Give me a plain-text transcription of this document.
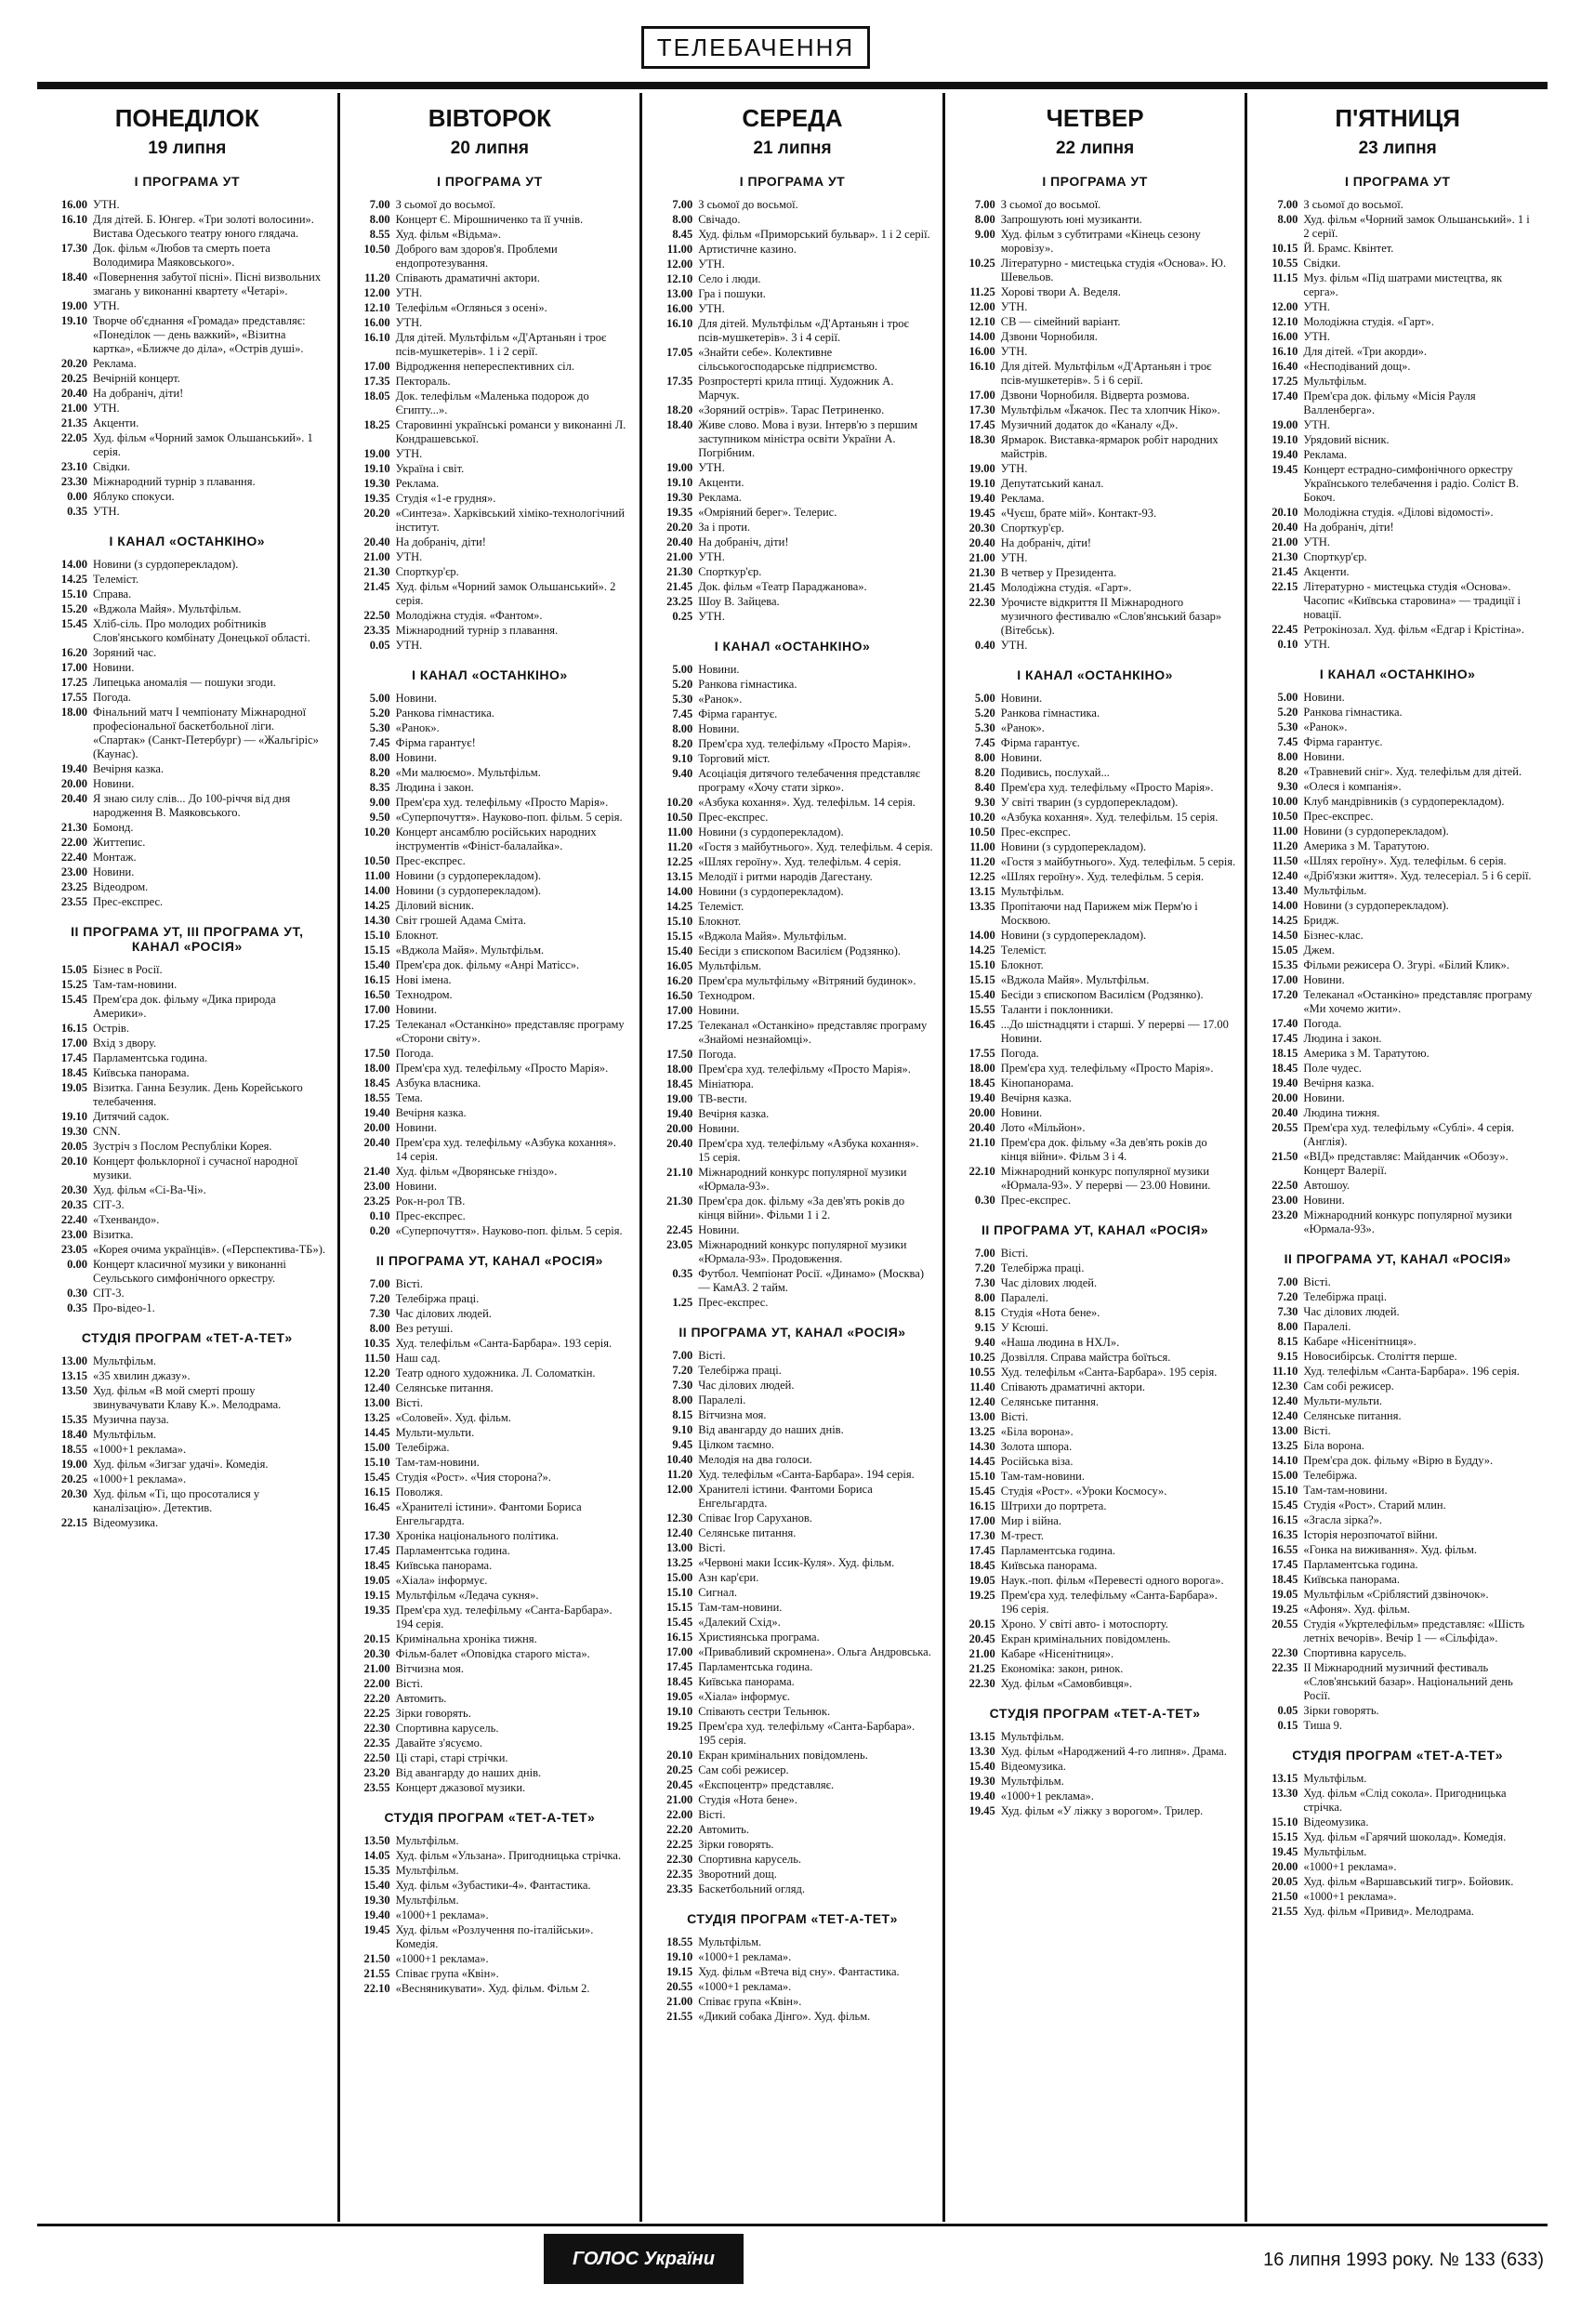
ТЕЛЕБАЧЕННЯ
ПОНЕДІЛОК
19 липня
І ПРОГРАМА УТ
16.00 УТН.
16.10 Для дітей. Б. Юнгер. «Три золоті волосини». Вистава Одеського театру юного глядача.
17.30 Док. фільм «Любов та смерть поета Володимира Маяковського».
18.40 «Повернення забутої пісні». Пісні визвольних змагань у виконанні квартету «Четарі».
19.00 УТН.
19.10 Творче об'єднання «Громада» представляє: «Понеділок — день важкий», «Візитна картка», «Ближче до діла», «Острів душі».
20.20 Реклама.
20.25 Вечірній концерт.
20.40 На добраніч, діти!
21.00 УТН.
21.35 Акценти.
22.05 Худ. фільм «Чорний замок Ольшанський». 1 серія.
23.10 Свідки.
23.30 Міжнародний турнір з плавання.
0.00 Яблуко спокуси.
0.35 УТН.
І КАНАЛ «ОСТАНКІНО»
14.00 Новини (з сурдоперекладом).
14.25 Телеміст.
15.10 Справа.
15.20 «Вджола Майя». Мультфільм.
15.45 Хліб-сіль. Про молодих робітників Слов'янського комбінату Донецької області.
16.20 Зоряний час.
17.00 Новини.
17.25 Липецька аномалія — пошуки згоди.
17.55 Погода.
18.00 Фінальний матч І чемпіонату Міжнародної професіональної баскетбольної ліги. «Спартак» (Санкт-Петербург) — «Жальгіріс» (Каунас).
19.40 Вечірня казка.
20.00 Новини.
20.40 Я знаю силу слів... До 100-річчя від дня народження В. Маяковського.
21.30 Бомонд.
22.00 Життепис.
22.40 Монтаж.
23.00 Новини.
23.25 Відеодром.
23.55 Прес-експрес.
ІІ ПРОГРАМА УТ, ІІІ ПРОГРАМА УТ, КАНАЛ «РОСІЯ»
15.05 Бізнес в Росії.
15.25 Там-там-новини.
15.45 Прем'єра док. фільму «Дика природа Америки».
16.15 Острів.
17.00 Вхід з двору.
17.45 Парламентська година.
18.45 Київська панорама.
19.05 Візитка. Ганна Безулик. День Корейського телебачення.
19.10 Дитячий садок.
19.30 CNN.
20.05 Зустріч з Послом Республіки Корея.
20.10 Концерт фольклорної і сучасної народної музики.
20.30 Худ. фільм «Сі-Ва-Чі».
20.35 СІТ-3.
22.40 «Тхенвандо».
23.00 Візитка.
23.05 «Корея очима українців». («Перспектива-ТБ»).
0.00 Концерт класичної музики у виконанні Сеульського симфонічного оркестру.
0.30 СІТ-3.
0.35 Про-відео-1.
СТУДІЯ ПРОГРАМ «ТЕТ-А-ТЕТ»
13.00 Мультфільм.
13.15 «35 хвилин джазу».
13.50 Худ. фільм «В мой смерті прошу звинувачувати Клаву К.». Мелодрама.
15.35 Музична пауза.
18.40 Мультфільм.
18.55 «1000+1 реклама».
19.00 Худ. фільм «Зигзаг удачі». Комедія.
20.25 «1000+1 реклама».
20.30 Худ. фільм «Ті, що просоталися у каналізацію». Детектив.
22.15 Відеомузика.
ВІВТОРОК
20 липня
І ПРОГРАМА УТ
7.00 З сьомої до восьмої.
8.00 Концерт Є. Мірошниченко та її учнів.
8.55 Худ. фільм «Відьма».
10.50 Доброго вам здоров'я. Проблеми ендопротезування.
11.20 Співають драматичні актори.
12.00 УТН.
12.10 Телефільм «Оглянься з осені».
16.00 УТН.
16.10 Для дітей. Мультфільм «Д'Артаньян і троє псів-мушкетерів». 1 і 2 серії.
17.00 Відродження непереспективних сіл.
17.35 Пектораль.
18.05 Док. телефільм «Маленька подорож до Єгипту...».
18.25 Старовинні українські романси у виконанні Л. Кондрашевської.
19.00 УТН.
19.10 Україна і світ.
19.30 Реклама.
19.35 Студія «1-е грудня».
20.20 «Синтеза». Харківський хіміко-технологічний інститут.
20.40 На добраніч, діти!
21.00 УТН.
21.30 Спорткур'єр.
21.45 Худ. фільм «Чорний замок Ольшанський». 2 серія.
22.50 Молодіжна студія. «Фантом».
23.35 Міжнародний турнір з плавання.
0.05 УТН.
І КАНАЛ «ОСТАНКІНО»
5.00 Новини.
5.20 Ранкова гімнастика.
5.30 «Ранок».
7.45 Фірма гарантує!
8.00 Новини.
8.20 «Ми малюємо». Мультфільм.
8.35 Людина і закон.
9.00 Прем'єра худ. телефільму «Просто Марія».
9.50 «Суперпочуття». Науково-поп. фільм. 5 серія.
10.20 Концерт ансамблю російських народних інструментів «Фініст-балалайка».
10.50 Прес-експрес.
11.00 Новини (з сурдоперекладом).
14.00 Новини (з сурдоперекладом).
14.25 Діловий вісник.
14.30 Світ грошей Адама Сміта.
15.10 Блокнот.
15.15 «Вджола Майя». Мультфільм.
15.40 Прем'єра док. фільму «Анрі Матісс».
16.15 Нові імена.
16.50 Технодром.
17.00 Новини.
17.25 Телеканал «Останкіно» представляє програму «Сторони світу».
17.50 Погода.
18.00 Прем'єра худ. телефільму «Просто Марія».
18.45 Азбука власника.
18.55 Тема.
19.40 Вечірня казка.
20.00 Новини.
20.40 Прем'єра худ. телефільму «Азбука кохання». 14 серія.
21.40 Худ. фільм «Дворянське гніздо».
23.00 Новини.
23.25 Рок-н-рол ТВ.
0.10 Прес-експрес.
0.20 «Суперпочуття». Науково-поп. фільм. 5 серія.
ІІ ПРОГРАМА УТ, КАНАЛ «РОСІЯ»
7.00 Вісті.
7.20 Телебіржа праці.
7.30 Час ділових людей.
8.00 Вез ретуші.
10.35 Худ. телефільм «Санта-Барбара». 193 серія.
11.50 Наш сад.
12.20 Театр одного художника. Л. Соломаткін.
12.40 Селянське питання.
13.00 Вісті.
13.25 «Соловей». Худ. фільм.
14.45 Мульти-мульти.
15.00 Телебіржа.
15.10 Там-там-новини.
15.45 Студія «Рост». «Чия сторона?».
16.15 Поволжя.
16.45 «Хранителі істини». Фантоми Бориса Енгельгардта.
17.30 Хроніка національного політика.
17.45 Парламентська година.
18.45 Київська панорама.
19.05 «Хіала» інформує.
19.15 Мультфільм «Ледача сукня».
19.35 Прем'єра худ. телефільму «Санта-Барбара». 194 серія.
20.15 Кримінальна хроніка тижня.
20.30 Фільм-балет «Оповідка старого міста».
21.00 Вітчизна моя.
22.00 Вісті.
22.20 Автомить.
22.25 Зірки говорять.
22.30 Спортивна карусель.
22.35 Давайте з'ясуємо.
22.50 Ці старі, старі стрічки.
23.20 Від авангарду до наших днів.
23.55 Концерт джазової музики.
СТУДІЯ ПРОГРАМ «ТЕТ-А-ТЕТ»
13.50 Мультфільм.
14.05 Худ. фільм «Ульзана». Пригодницька стрічка.
15.35 Мультфільм.
15.40 Худ. фільм «Зубастики-4». Фантастика.
19.30 Мультфільм.
19.40 «1000+1 реклама».
19.45 Худ. фільм «Розлучення по-італійськи». Комедія.
21.50 «1000+1 реклама».
21.55 Співає група «Квін».
22.10 «Весняникувати». Худ. фільм. Фільм 2.
СЕРЕДА
21 липня
І ПРОГРАМА УТ
7.00 З сьомої до восьмої.
8.00 Свічадо.
8.45 Худ. фільм «Приморський бульвар». 1 і 2 серії.
11.00 Артистичне казино.
12.00 УТН.
12.10 Село і люди.
13.00 Гра і пошуки.
16.00 УТН.
16.10 Для дітей. Мультфільм «Д'Артаньян і троє псів-мушкетерів». 3 і 4 серії.
17.05 «Знайти себе». Колективне сільськогосподарське підприємство.
17.35 Розпростерті крила птиці. Художник А. Марчук.
18.20 «Зоряний острів». Тарас Петриненко.
18.40 Живе слово. Мова і вузи. Інтерв'ю з першим заступником міністра освіти України А. Погрібним.
19.00 УТН.
19.10 Акценти.
19.30 Реклама.
19.35 «Омріяний берег». Телерис.
20.20 За і проти.
20.40 На добраніч, діти!
21.00 УТН.
21.30 Спорткур'єр.
21.45 Док. фільм «Театр Параджанова».
23.25 Шоу В. Зайцева.
0.25 УТН.
І КАНАЛ «ОСТАНКІНО»
5.00 Новини.
5.20 Ранкова гімнастика.
5.30 «Ранок».
7.45 Фірма гарантує.
8.00 Новини.
8.20 Прем'єра худ. телефільму «Просто Марія».
9.10 Торговий міст.
9.40 Асоціація дитячого телебачення представляє програму «Хочу стати зірко».
10.20 «Азбука кохання». Худ. телефільм. 14 серія.
10.50 Прес-експрес.
11.00 Новини (з сурдоперекладом).
11.20 «Гостя з майбутнього». Худ. телефільм. 4 серія.
12.25 «Шлях героїну». Худ. телефільм. 4 серія.
13.15 Мелодії і ритми народів Дагестану.
14.00 Новини (з сурдоперекладом).
14.25 Телеміст.
15.10 Блокнот.
15.15 «Вджола Майя». Мультфільм.
15.40 Бесіди з єпископом Василієм (Родзянко).
16.05 Мультфільм.
16.20 Прем'єра мультфільму «Вітряний будинок».
16.50 Технодром.
17.00 Новини.
17.25 Телеканал «Останкіно» представляє програму «Знайомі незнайомці».
17.50 Погода.
18.00 Прем'єра худ. телефільму «Просто Марія».
18.45 Мініатюра.
19.00 ТВ-вести.
19.40 Вечірня казка.
20.00 Новини.
20.40 Прем'єра худ. телефільму «Азбука кохання». 15 серія.
21.10 Міжнародний конкурс популярної музики «Юрмала-93».
21.30 Прем'єра док. фільму «За дев'ять років до кінця війни». Фільми 1 і 2.
22.45 Новини.
23.05 Міжнародний конкурс популярної музики «Юрмала-93». Продовження.
0.35 Футбол. Чемпіонат Росії. «Динамо» (Москва) — КамАЗ. 2 тайм.
1.25 Прес-експрес.
ІІ ПРОГРАМА УТ, КАНАЛ «РОСІЯ»
7.00 Вісті.
7.20 Телебіржа праці.
7.30 Час ділових людей.
8.00 Паралелі.
8.15 Вітчизна моя.
9.10 Від авангарду до наших днів.
9.45 Цілком таємно.
10.40 Мелодія на два голоси.
11.20 Худ. телефільм «Санта-Барбара». 194 серія.
12.00 Хранителі істини. Фантоми Бориса Енгельгардта.
12.30 Співає Ігор Саруханов.
12.40 Селянське питання.
13.00 Вісті.
13.25 «Червоні маки Іссик-Куля». Худ. фільм.
15.00 Азн кар'єри.
15.10 Сигнал.
15.15 Там-там-новини.
15.45 «Далекий Схід».
16.15 Християнська програма.
17.00 «Привабливий скромнена». Ольга Андровська.
17.45 Парламентська година.
18.45 Київська панорама.
19.05 «Хіала» інформує.
19.10 Співають сестри Тельнюк.
19.25 Прем'єра худ. телефільму «Санта-Барбара». 195 серія.
20.10 Екран кримінальних повідомлень.
20.25 Сам собі режисер.
20.45 «Експоцентр» представляє.
21.00 Студія «Нота бене».
22.00 Вісті.
22.20 Автомить.
22.25 Зірки говорять.
22.30 Спортивна карусель.
22.35 Зворотний дощ.
23.35 Баскетбольний огляд.
СТУДІЯ ПРОГРАМ «ТЕТ-А-ТЕТ»
18.55 Мультфільм.
19.10 «1000+1 реклама».
19.15 Худ. фільм «Втеча від сну». Фантастика.
20.55 «1000+1 реклама».
21.00 Співає група «Квін».
21.55 «Дикий собака Дінго». Худ. фільм.
ЧЕТВЕР
22 липня
І ПРОГРАМА УТ
7.00 З сьомої до восьмої.
8.00 Запрошують юні музиканти.
9.00 Худ. фільм з субтитрами «Кінець сезону моровізу».
10.25 Літературно - мистецька студія «Основа». Ю. Шевельов.
11.25 Хорові твори А. Веделя.
12.00 УТН.
12.10 СВ — сімейний варіант.
14.00 Дзвони Чорнобиля.
16.00 УТН.
16.10 Для дітей. Мультфільм «Д'Артаньян і троє псів-мушкетерів». 5 і 6 серії.
17.00 Дзвони Чорнобиля. Відверта розмова.
17.30 Мультфільм «Їжачок. Пес та хлопчик Ніко».
17.45 Музичний додаток до «Каналу «Д».
18.30 Ярмарок. Виставка-ярмарок робіт народних майстрів.
19.00 УТН.
19.10 Депутатський канал.
19.40 Реклама.
19.45 «Чуєш, брате мій». Контакт-93.
20.30 Спорткур'єр.
20.40 На добраніч, діти!
21.00 УТН.
21.30 В четвер у Президента.
21.45 Молодіжна студія. «Гарт».
22.30 Урочисте відкриття ІІ Міжнародного музичного фестивалю «Слов'янський базар» (Вітебськ).
0.40 УТН.
І КАНАЛ «ОСТАНКІНО»
5.00 Новини.
5.20 Ранкова гімнастика.
5.30 «Ранок».
7.45 Фірма гарантує.
8.00 Новини.
8.20 Подивись, послухай...
8.40 Прем'єра худ. телефільму «Просто Марія».
9.30 У світі тварин (з сурдоперекладом).
10.20 «Азбука кохання». Худ. телефільм. 15 серія.
10.50 Прес-експрес.
11.00 Новини (з сурдоперекладом).
11.20 «Гостя з майбутнього». Худ. телефільм. 5 серія.
12.25 «Шлях героїну». Худ. телефільм. 5 серія.
13.15 Мультфільм.
13.35 Пропітаючи над Парижем між Перм'ю і Москвою.
14.00 Новини (з сурдоперекладом).
14.25 Телеміст.
15.10 Блокнот.
15.15 «Вджола Майя». Мультфільм.
15.40 Бесіди з єпископом Василієм (Родзянко).
15.55 Таланти і поклонники.
16.45 ...До шістнадцяти і старші. У перерві — 17.00 Новини.
17.55 Погода.
18.00 Прем'єра худ. телефільму «Просто Марія».
18.45 Кінопанорама.
19.40 Вечірня казка.
20.00 Новини.
20.40 Лото «Мільйон».
21.10 Прем'єра док. фільму «За дев'ять років до кінця війни». Фільм 3 і 4.
22.10 Міжнародний конкурс популярної музики «Юрмала-93». У перерві — 23.00 Новини.
0.30 Прес-експрес.
ІІ ПРОГРАМА УТ, КАНАЛ «РОСІЯ»
7.00 Вісті.
7.20 Телебіржа праці.
7.30 Час ділових людей.
8.00 Паралелі.
8.15 Студія «Нота бене».
9.15 У Ксюші.
9.40 «Наша людина в НХЛ».
10.25 Дозвілля. Справа майстра боїться.
10.55 Худ. телефільм «Санта-Барбара». 195 серія.
11.40 Співають драматичні актори.
12.40 Селянське питання.
13.00 Вісті.
13.25 «Біла ворона».
14.30 Золота шпора.
14.45 Російська віза.
15.10 Там-там-новини.
15.45 Студія «Рост». «Уроки Космосу».
16.15 Штрихи до портрета.
17.00 Мир і війна.
17.30 М-трест.
17.45 Парламентська година.
18.45 Київська панорама.
19.05 Наук.-поп. фільм «Перевесті одного ворога».
19.25 Прем'єра худ. телефільму «Санта-Барбара». 196 серія.
20.15 Хроно. У світі авто- і мотоспорту.
20.45 Екран кримінальних повідомлень.
21.00 Кабаре «Нісенітниця».
21.25 Економіка: закон, ринок.
22.30 Худ. фільм «Самовбивця».
СТУДІЯ ПРОГРАМ «ТЕТ-А-ТЕТ»
13.15 Мультфільм.
13.30 Худ. фільм «Народжений 4-го липня». Драма.
15.40 Відеомузика.
19.30 Мультфільм.
19.40 «1000+1 реклама».
19.45 Худ. фільм «У ліжку з ворогом». Трилер.
П'ЯТНИЦЯ
23 липня
І ПРОГРАМА УТ
7.00 З сьомої до восьмої.
8.00 Худ. фільм «Чорний замок Ольшанський». 1 і 2 серії.
10.15 Й. Брамс. Квінтет.
10.55 Свідки.
11.15 Муз. фільм «Під шатрами мистецтва, як серга».
12.00 УТН.
12.10 Молодіжна студія. «Гарт».
16.00 УТН.
16.10 Для дітей. «Три акорди».
16.40 «Несподіваний дощ».
17.25 Мультфільм.
17.40 Прем'єра док. фільму «Місія Рауля Валленберга».
19.00 УТН.
19.10 Урядовий вісник.
19.40 Реклама.
19.45 Концерт естрадно-симфонічного оркестру Українського телебачення і радіо. Соліст В. Бокоч.
20.10 Молодіжна студія. «Ділові відомості».
20.40 На добраніч, діти!
21.00 УТН.
21.30 Спорткур'єр.
21.45 Акценти.
22.15 Літературно - мистецька студія «Основа». Часопис «Київська старовина» — традиції і новації.
22.45 Ретрокінозал. Худ. фільм «Едгар і Крістіна».
0.10 УТН.
І КАНАЛ «ОСТАНКІНО»
5.00 Новини.
5.20 Ранкова гімнастика.
5.30 «Ранок».
7.45 Фірма гарантує.
8.00 Новини.
8.20 «Травневий сніг». Худ. телефільм для дітей.
9.30 «Олеся і компанія».
10.00 Клуб мандрівників (з сурдоперекладом).
10.50 Прес-експрес.
11.00 Новини (з сурдоперекладом).
11.20 Америка з М. Таратутою.
11.50 «Шлях героїну». Худ. телефільм. 6 серія.
12.40 «Дріб'язки життя». Худ. телесеріал. 5 і 6 серії.
13.40 Мультфільм.
14.00 Новини (з сурдоперекладом).
14.25 Бридж.
14.50 Бізнес-клас.
15.05 Джем.
15.35 Фільми режисера О. Згурі. «Білий Клик».
17.00 Новини.
17.20 Телеканал «Останкіно» представляє програму «Ми хочемо жити».
17.40 Погода.
17.45 Людина і закон.
18.15 Америка з М. Таратутою.
18.45 Поле чудес.
19.40 Вечірня казка.
20.00 Новини.
20.40 Людина тижня.
20.55 Прем'єра худ. телефільму «Сублі». 4 серія. (Англія).
21.50 «ВІД» представляє: Майданчик «Обозу». Концерт Валерії.
22.50 Автошоу.
23.00 Новини.
23.20 Міжнародний конкурс популярної музики «Юрмала-93».
ІІ ПРОГРАМА УТ, КАНАЛ «РОСІЯ»
7.00 Вісті.
7.20 Телебіржа праці.
7.30 Час ділових людей.
8.00 Паралелі.
8.15 Кабаре «Нісенітниця».
9.15 Новосибірськ. Століття перше.
11.10 Худ. телефільм «Санта-Барбара». 196 серія.
12.30 Сам собі режисер.
12.40 Мульти-мульти.
12.40 Селянське питання.
13.00 Вісті.
13.25 Біла ворона.
14.10 Прем'єра док. фільму «Вірю в Будду».
15.00 Телебіржа.
15.10 Там-там-новини.
15.45 Студія «Рост». Старий млин.
16.15 «Згасла зірка?».
16.35 Історія нерозпочатої війни.
16.55 «Гонка на виживання». Худ. фільм.
17.45 Парламентська година.
18.45 Київська панорама.
19.05 Мультфільм «Сріблястий дзвіночок».
19.25 «Афоня». Худ. фільм.
20.55 Студія «Укртелефільм» представляє: «Шість летніх вечорів». Вечір 1 — «Сільфіда».
22.30 Спортивна карусель.
22.35 ІІ Міжнародний музичний фестиваль «Слов'янський базар». Національний день Росії.
0.05 Зірки говорять.
0.15 Тиша 9.
СТУДІЯ ПРОГРАМ «ТЕТ-А-ТЕТ»
13.15 Мультфільм.
13.30 Худ. фільм «Слід сокола». Пригодницька стрічка.
15.10 Відеомузика.
15.15 Худ. фільм «Гарячий шоколад». Комедія.
19.45 Мультфільм.
20.00 «1000+1 реклама».
20.05 Худ. фільм «Варшавський тигр». Бойовик.
21.50 «1000+1 реклама».
21.55 Худ. фільм «Привид». Мелодрама.
ГОЛОС України	16 липня 1993 року. № 133 (633)
